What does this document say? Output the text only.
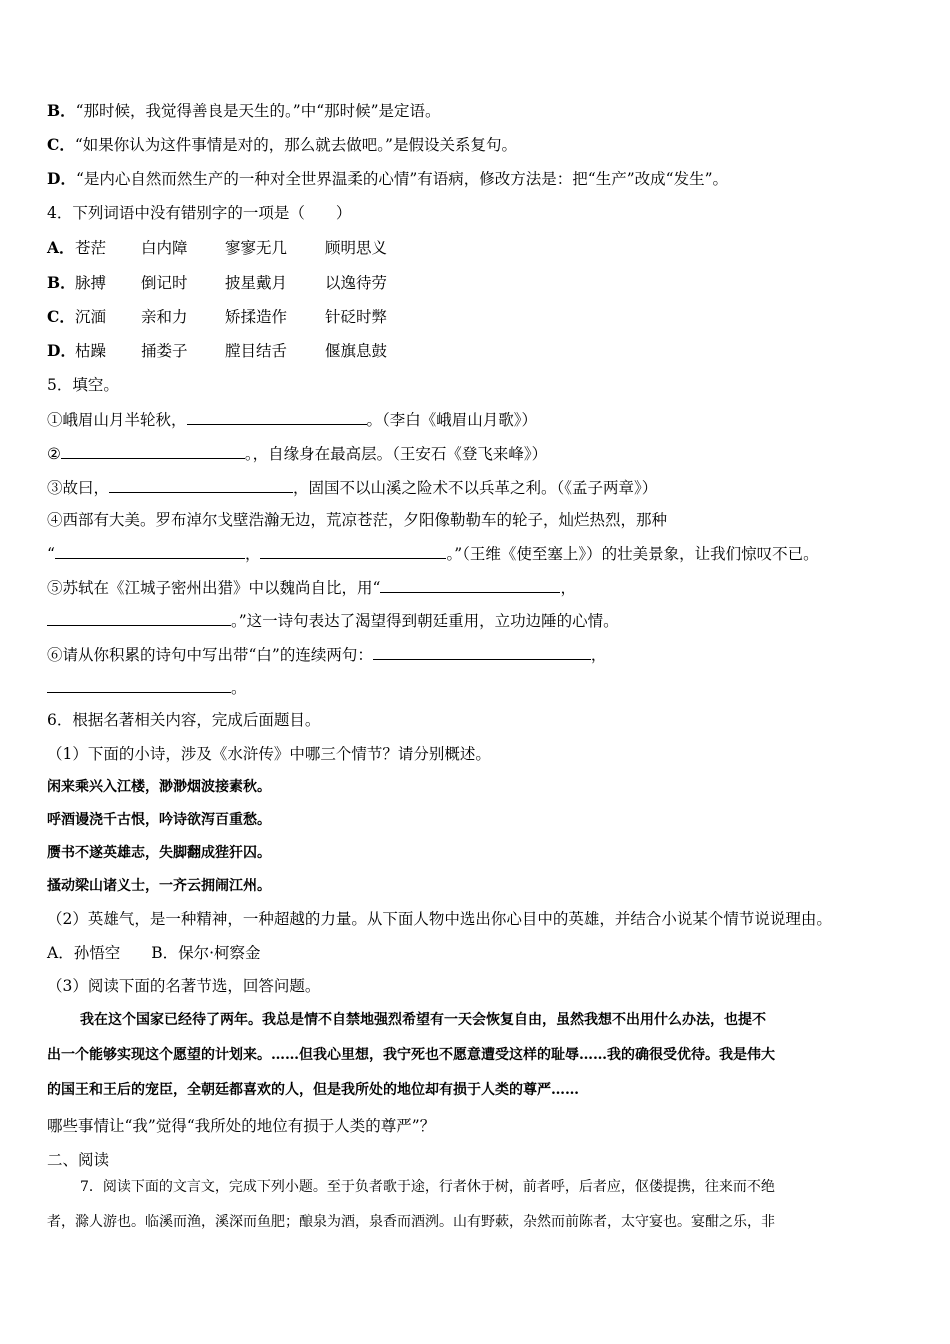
B．“那时候，我觉得善良是天生的。”中“那时候”是定语。
C．“如果你认为这件事情是对的，那么就去做吧。”是假设关系复句。
D．“是内心自然而然生产的一种对全世界温柔的心情”有语病，修改方法是：把“生产”改成“发生”。
4．下列词语中没有错别字的一项是（　　）
A．苍茫 白内障 寥寥无几 顾明思义
B．脉搏 倒记时 披星戴月 以逸待劳
C．沉湎 亲和力 矫揉造作 针砭时弊
D．枯躁 捅娄子 膛目结舌 偃旗息鼓
5．填空。
①峨眉山月半轮秋，	。（李白《峨眉山月歌》）
②	。，自缘身在最高层。（王安石《登飞来峰》）
③故曰，	，固国不以山溪之险术不以兵革之利。（《孟子两章》）
④西部有大美。罗布淖尔戈壁浩瀚无边，荒凉苍茫，夕阳像勒勒车的轮子，灿烂热烈，那种
“	，	。”（王维《使至塞上》）的壮美景象，让我们惊叹不已。
⑤苏轼在《江城子密州出猎》中以魏尚自比，用“	，
。”这一诗句表达了渴望得到朝廷重用，立功边陲的心情。
⑥请从你积累的诗句中写出带“白”的连续两句：	，
。
6．根据名著相关内容，完成后面题目。
（1）下面的小诗，涉及《水浒传》中哪三个情节？请分别概述。
闲来乘兴入江楼，渺渺烟波接素秋。
呼酒谩浇千古恨，吟诗欲泻百重愁。
赝书不遂英雄志，失脚翻成狴犴囚。
搔动梁山诸义士，一齐云拥闹江州。
（2）英雄气，是一种精神，一种超越的力量。从下面人物中选出你心目中的英雄，并结合小说某个情节说说理由。
A．孙悟空　　B．保尔·柯察金
（3）阅读下面的名著节选，回答问题。
我在这个国家已经待了两年。我总是情不自禁地强烈希望有一天会恢复自由，虽然我想不出用什么办法，也提不
出一个能够实现这个愿望的计划来。……但我心里想，我宁死也不愿意遭受这样的耻辱……我的确很受优待。我是伟大
的国王和王后的宠臣，全朝廷都喜欢的人，但是我所处的地位却有损于人类的尊严……
哪些事情让“我”觉得“我所处的地位有损于人类的尊严”？
二、阅读
7．阅读下面的文言文，完成下列小题。至于负者歌于途，行者休于树，前者呼，后者应，伛偻提携，往来而不绝
者，滁人游也。临溪而渔，溪深而鱼肥；酿泉为酒，泉香而酒洌。山有野蔌，杂然而前陈者，太守宴也。宴酣之乐，非
